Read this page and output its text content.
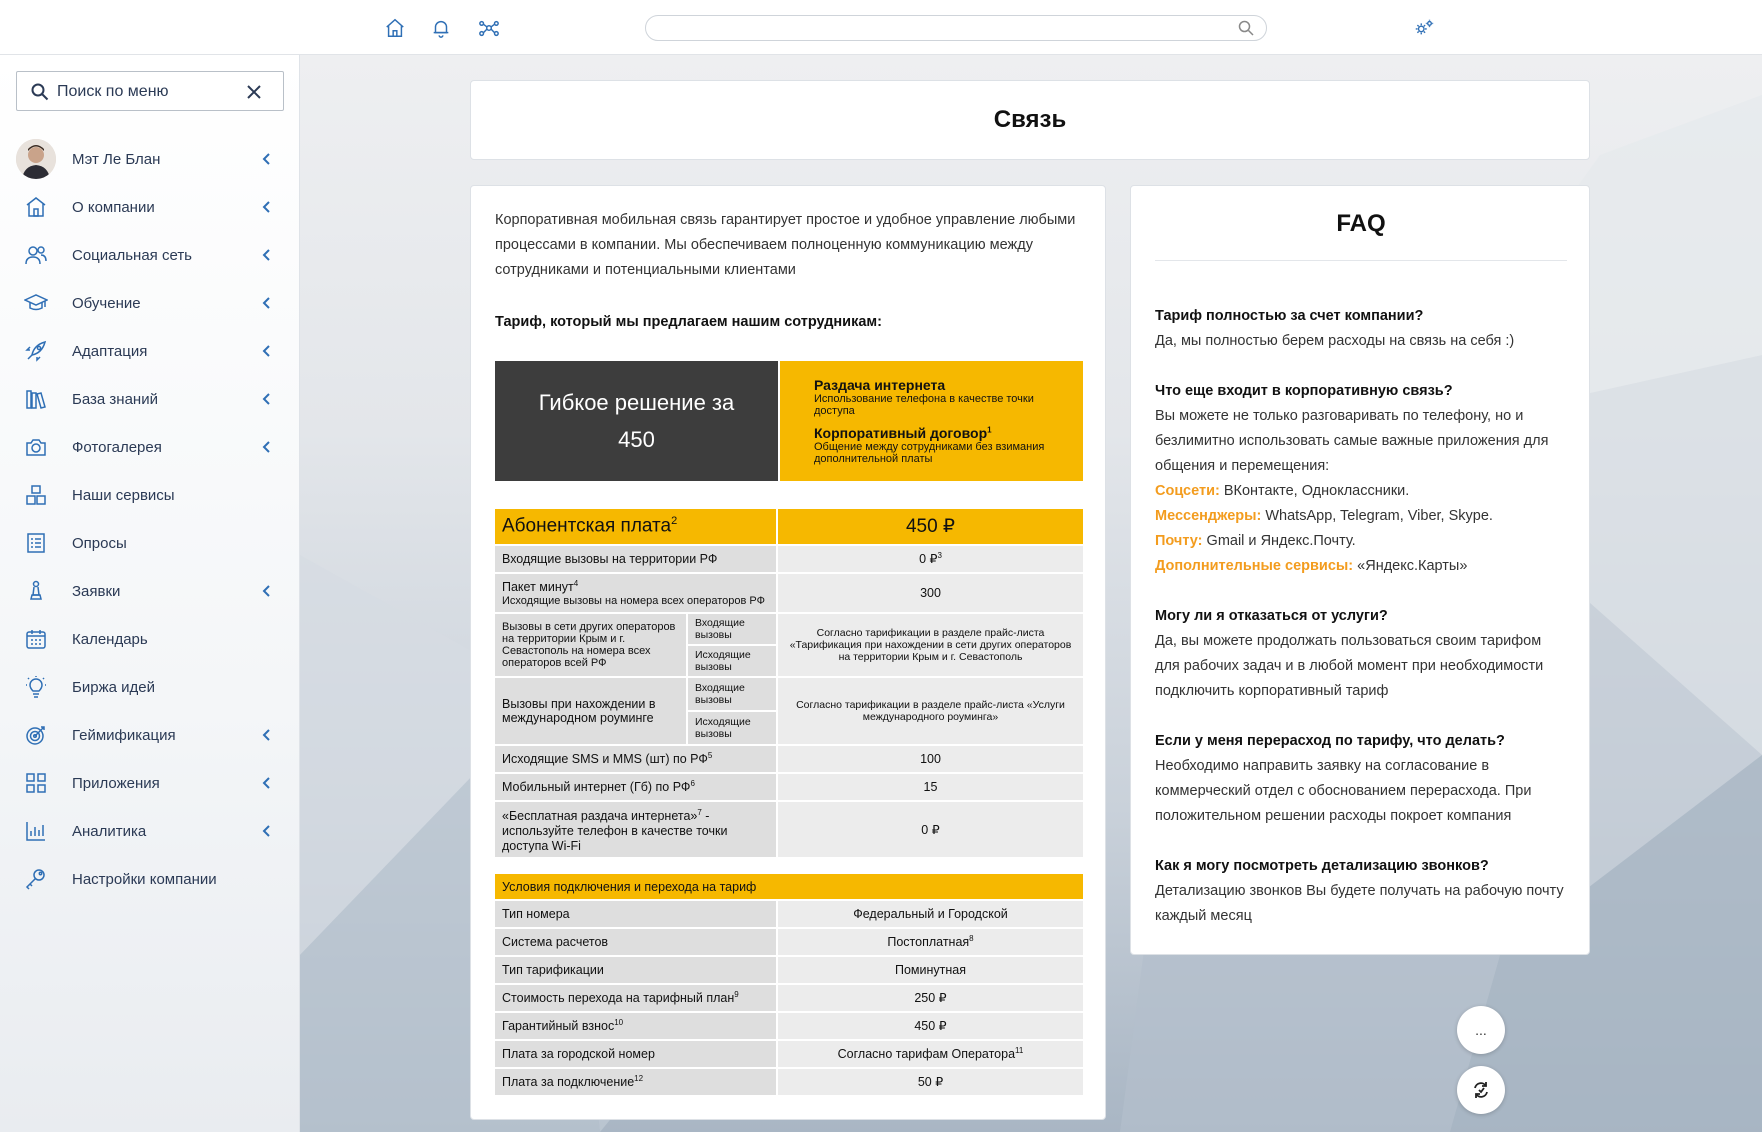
Поиск по меню
Мэт Ле Блан
О компании
Социальная сеть
Обучение
Адаптация
База знаний
Фотогалерея
Наши сервисы
Опросы
Заявки
Календарь
Биржа идей
Геймификация
Приложения
Аналитика
Настройки компании
Связь

Корпоративная мобильная связь гарантирует простое и удобное управление любыми процессами в компании. Мы обеспечиваем полноценную коммуникацию между сотрудниками и потенциальными клиентами

Тариф, который мы предлагаем нашим сотрудникам:

Гибкое решение за 450
Раздача интернета
Использование телефона в качестве точки доступа
Корпоративный договор$^1$
Общение между сотрудниками без взимания дополнительной платы
Абонентская плата$^2$		450 ₽
Входящие вызовы на территории РФ		0 ₽$^3$
Пакет минут$^4$
Исходящие вызовы на номера всех операторов РФ		300
Вызовы в сети других операторов на территории Крым и г. Севастополь на номера всех операторов всей РФ	Входящие вызовы	Согласно тарификации в разделе прайс-листа «Тарификация при нахождении в сети других операторов на территории Крым и г. Севастополь
	Исходящие вызовы	
Вызовы при нахождении в международном роуминге	Входящие вызовы	Согласно тарификации в разделе прайс-листа «Услуги международного роуминга»
	Исходящие вызовы	
Исходящие SMS и MMS (шт) по $РФ^5$		100
Мобильный интернет (Гб) по $РФ^6$		15
«Бесплатная раздача интернета»$^7$ - используйте телефон в качестве точки доступа Wi-Fi		0 ₽
Условия подключения и перехода на тариф	
Тип номера	Федеральный и Городской
Система расчетов	Постоплатная$^8$
Тип тарификации	Поминутная
Стоимость перехода на тарифный план$^9$	250 ₽
Гарантийный взнос$^{10}$	450 ₽
Плата за городской номер	Согласно тарифам Оператора$^{11}$
Плата за подключение$^{12}$	50 ₽
FAQ
Тариф полностью за счет компании?
Да, мы полностью берем расходы на связь на себя :)
Что еще входит в корпоративную связь?
Вы можете не только разговаривать по телефону, но и безлимитно использовать самые важные приложения для общения и перемещения:
Соцсети: ВКонтакте, Одноклассники.
Мессенджеры: WhatsApp, Telegram, Viber, Skype.
Почту: Gmail и Яндекс.Почту.
Дополнительные сервисы: «Яндекс.Карты»
Могу ли я отказаться от услуги?
Да, вы можете продолжать пользоваться своим тарифом для рабочих задач и в любой момент при необходимости подключить корпоративный тариф
Если у меня перерасход по тарифу, что делать?
Необходимо направить заявку на согласование в коммерческий отдел с обоснованием перерасхода. При положительном решении расходы покроет компания
Как я могу посмотреть детализацию звонков?
Детализацию звонков Вы будете получать на рабочую почту каждый месяц
...
